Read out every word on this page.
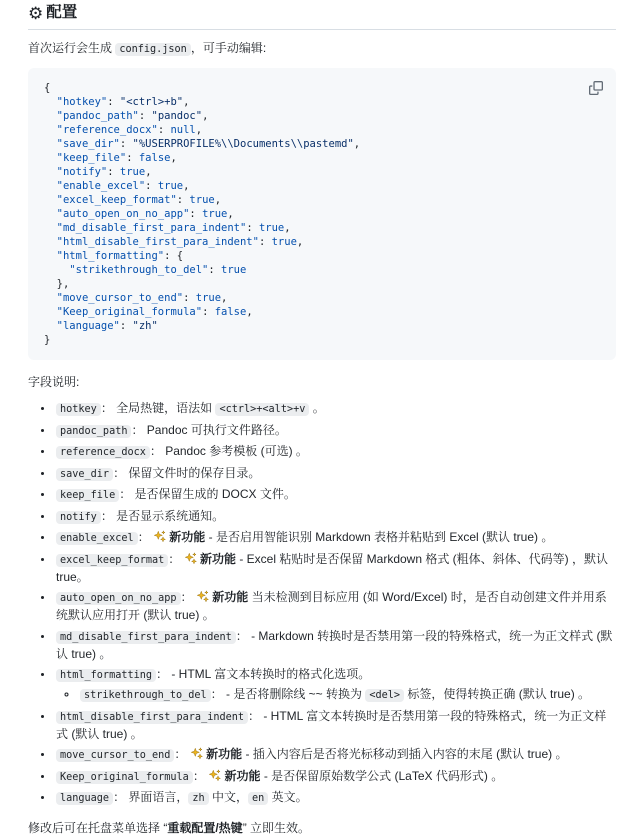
⚙ 配置

首次运行会生成 config.json ，可手动编辑:

{
"hotkey": "<ctrl>+b",
"pandoc_path": "pandoc",
"reference_docx": null,
"save_dir": "%USERPROFILE%\\Documents\\pastemd",
"keep_file": false,
"notify": true,
"enable_excel": true,
"excel_keep_format": true,
"auto_open_on_no_app": true,
"md_disable_first_para_indent": true,
"html_disable_first_para_indent": true,
"html_formatting": {
"strikethrough_to_del": true
},
"move_cursor_to_end": true,
"Keep_original_formula": false,
"language": "zh"
}

字段说明:

• hotkey ： 全局热键，语法如 <ctrl>+<alt>+v 。
• pandoc_path ： Pandoc 可执行文件路径。
• reference_docx ： Pandoc 参考模板 (可选) 。
• save_dir ： 保留文件时的保存目录。
• keep_file ： 是否保留生成的 DOCX 文件。
• notify ： 是否显示系统通知。
• enable_excel ：  新功能 - 是否启用智能识别 Markdown 表格并粘贴到 Excel (默认 true) 。
• excel_keep_format ：  新功能 - Excel 粘贴时是否保留 Markdown 格式 (粗体、斜体、代码等) ，默认 true。
• auto_open_on_no_app ：  新功能 当未检测到目标应用 (如 Word/Excel) 时，是否自动创建文件并用系统默认应用打开 (默认 true) 。
• md_disable_first_para_indent ： - Markdown 转换时是否禁用第一段的特殊格式，统一为正文样式 (默认 true) 。
• html_formatting ： - HTML 富文本转换时的格式化选项。
◦ strikethrough_to_del ： - 是否将删除线 ~~ 转换为 <del> 标签，使得转换正确 (默认 true) 。
• html_disable_first_para_indent ： - HTML 富文本转换时是否禁用第一段的特殊格式，统一为正文样式 (默认 true) 。
• move_cursor_to_end ：  新功能 - 插入内容后是否将光标移动到插入内容的末尾 (默认 true) 。
• Keep_original_formula ：  新功能 - 是否保留原始数学公式 (LaTeX 代码形式) 。
• language ： 界面语言， zh 中文， en 英文。

修改后可在托盘菜单选择 “重载配置/热键” 立即生效。
